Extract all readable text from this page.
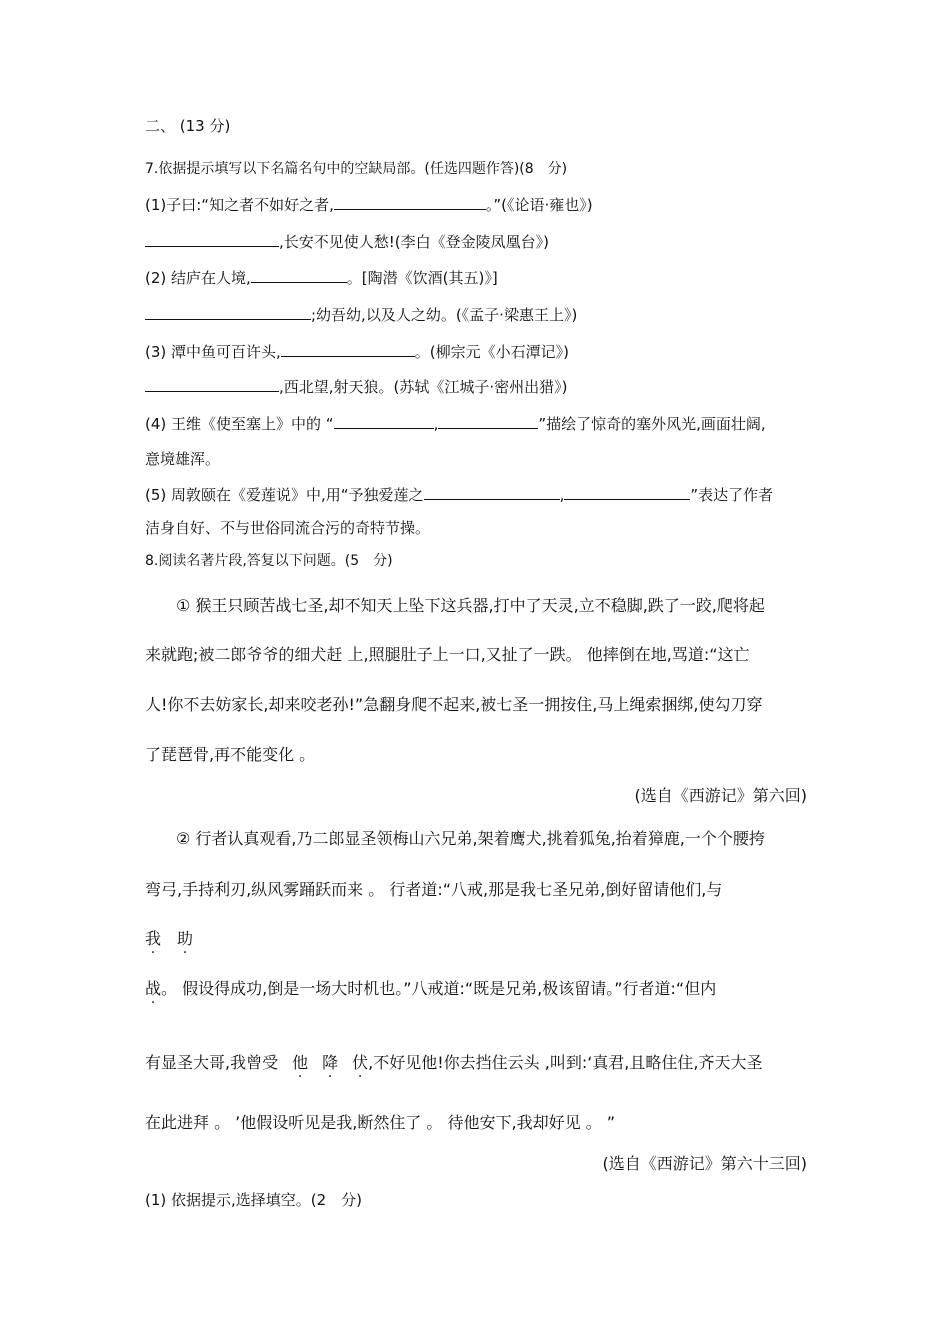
二、 (13 分)
7.依据提示填写以下名篇名句中的空缺局部。(任选四题作答)(8　分)
(1)子曰:“知之者不如好之者,	。”(《论语·雍也》)
,长安不见使人愁!(李白《登金陵凤凰台》)
(2) 结庐在人境,	。[陶潜《饮酒(其五)》]
;幼吾幼,以及人之幼。(《孟子·梁惠王上》)
(3) 潭中鱼可百许头,	。(柳宗元《小石潭记》)
,西北望,射天狼。(苏轼《江城子·密州出猎》)
(4) 王维《使至塞上》中的 “	,	”描绘了惊奇的塞外风光,画面壮阔,
意境雄浑。
(5) 周敦颐在《爱莲说》中,用“予独爱莲之	,	”表达了作者
洁身自好、不与世俗同流合污的奇特节操。
8.阅读名著片段,答复以下问题。(5　分)
① 猴王只顾苦战七圣,却不知天上坠下这兵器,打中了天灵,立不稳脚,跌了一跤,爬将起
来就跑;被二郎爷爷的细犬赶 上,照腿肚子上一口,又扯了一跌。 他摔倒在地,骂道:“这亡
人!你不去妨家长,却来咬老孙!”急翻身爬不起来,被七圣一拥按住,马上绳索捆绑,使勾刀穿
了琵琶骨,再不能变化 。
(选自《西游记》第六回)
② 行者认真观看,乃二郎显圣领梅山六兄弟,架着鹰犬,挑着狐兔,抬着獐鹿,一个个腰挎
弯弓,手持利刃,纵风雾踊跃而来 。 行者道:“八戒,那是我七圣兄弟,倒好留请他们,与
我 助
战。 假设得成功,倒是一场大时机也。”八戒道:“既是兄弟,极该留请。”行者道:“但内
有显圣大哥,我曾受 他 降 伏,不好见他!你去挡住云头 ,叫到:‘真君,且略住住,齐天大圣
在此进拜 。 ’他假设听见是我,断然住了 。 待他安下,我却好见 。 ”
(选自《西游记》第六十三回)
(1) 依据提示,选择填空。(2　分)
